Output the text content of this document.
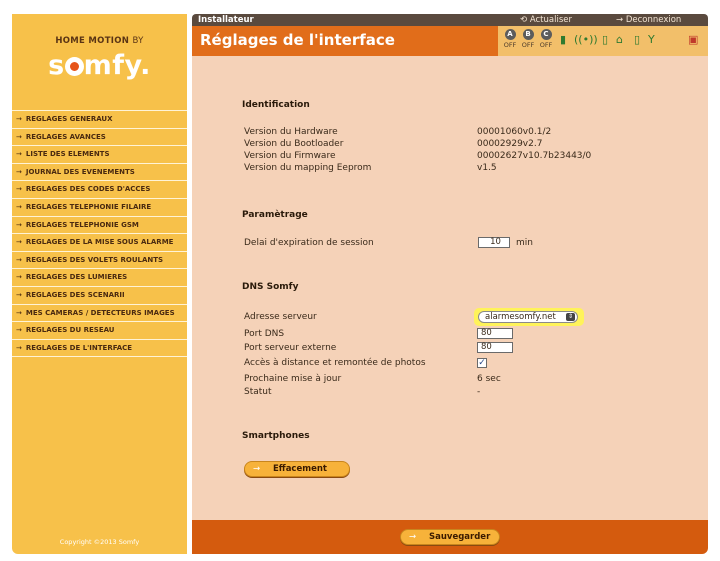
HOME MOTION BY
s mfy.
→ REGLAGES GENERAUX
→ REGLAGES AVANCES
→ LISTE DES ELEMENTS
→ JOURNAL DES EVENEMENTS
→ REGLAGES DES CODES D'ACCES
→ REGLAGES TELEPHONIE FILAIRE
→ REGLAGES TELEPHONIE GSM
→ REGLAGES DE LA MISE SOUS ALARME
→ REGLAGES DES VOLETS ROULANTS
→ REGLAGES DES LUMIERES
→ REGLAGES DES SCENARII
→ MES CAMERAS / DETECTEURS IMAGES
→ REGLAGES DU RESEAU
→ REGLAGES DE L'INTERFACE
Copyright ©2013 Somfy
Installateur	⟲ Actualiser	→ Deconnexion
Réglages de l'interface	A
OFF
B
OFF
C
OFF ▮ ((•)) ▯ ⌂ ▯ Y	▣
Identification
Version du Hardware	00001060v0.1/2
Version du Bootloader	00002929v2.7
Version du Firmware	00002627v10.7b23443/0
Version du mapping Eeprom	v1.5
Paramètrage
Delai d'expiration de session	10	min
DNS Somfy
Adresse serveur	alarmesomfy.net	⇕
Port DNS	80
Port serveur externe	80
Accès à distance et remontée de photos	✓
Prochaine mise à jour	6 sec
Statut	-
Smartphones
→ Effacement
→ Sauvegarder
